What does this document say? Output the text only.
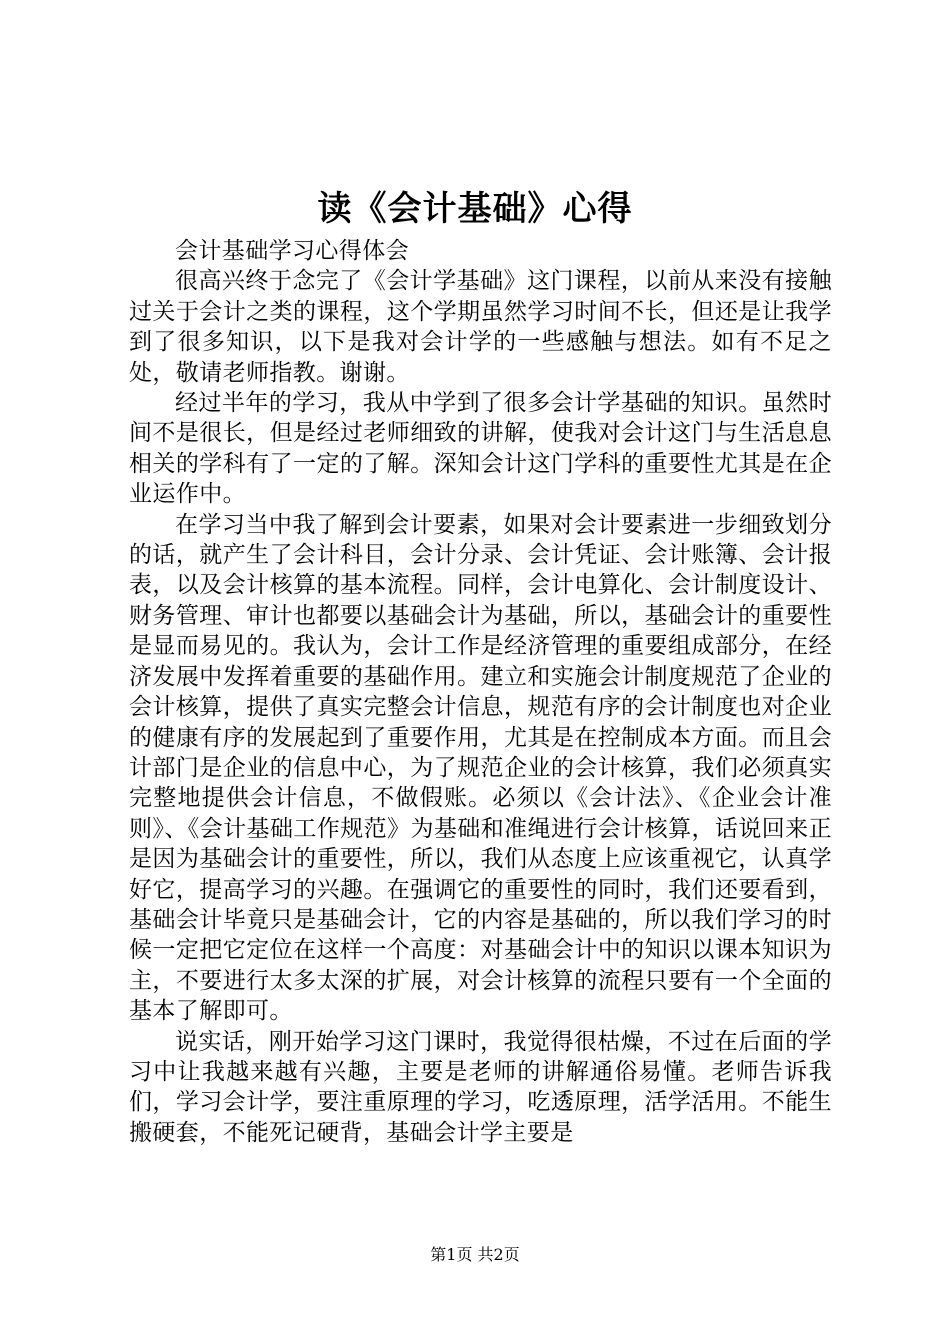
读《会计基础》心得

会计基础学习心得体会

很高兴终于念完了《会计学基础》这门课程，以前从来没有接触过关于会计之类的课程，这个学期虽然学习时间不长，但还是让我学到了很多知识，以下是我对会计学的一些感触与想法。如有不足之处，敬请老师指教。谢谢。

经过半年的学习，我从中学到了很多会计学基础的知识。虽然时间不是很长，但是经过老师细致的讲解，使我对会计这门与生活息息相关的学科有了一定的了解。深知会计这门学科的重要性尤其是在企业运作中。

在学习当中我了解到会计要素，如果对会计要素进一步细致划分的话，就产生了会计科目，会计分录、会计凭证、会计账簿、会计报表，以及会计核算的基本流程。同样，会计电算化、会计制度设计、财务管理、审计也都要以基础会计为基础，所以，基础会计的重要性是显而易见的。我认为，会计工作是经济管理的重要组成部分，在经济发展中发挥着重要的基础作用。建立和实施会计制度规范了企业的会计核算，提供了真实完整会计信息，规范有序的会计制度也对企业的健康有序的发展起到了重要作用，尤其是在控制成本方面。而且会计部门是企业的信息中心，为了规范企业的会计核算，我们必须真实完整地提供会计信息，不做假账。必须以《会计法》、《企业会计准则》、《会计基础工作规范》为基础和准绳进行会计核算，话说回来正是因为基础会计的重要性，所以，我们从态度上应该重视它，认真学好它，提高学习的兴趣。在强调它的重要性的同时，我们还要看到，基础会计毕竟只是基础会计，它的内容是基础的，所以我们学习的时候一定把它定位在这样一个高度：对基础会计中的知识以课本知识为主，不要进行太多太深的扩展，对会计核算的流程只要有一个全面的基本了解即可。

说实话，刚开始学习这门课时，我觉得很枯燥，不过在后面的学习中让我越来越有兴趣，主要是老师的讲解通俗易懂。老师告诉我们，学习会计学，要注重原理的学习，吃透原理，活学活用。不能生搬硬套，不能死记硬背，基础会计学主要是

第1页 共2页
